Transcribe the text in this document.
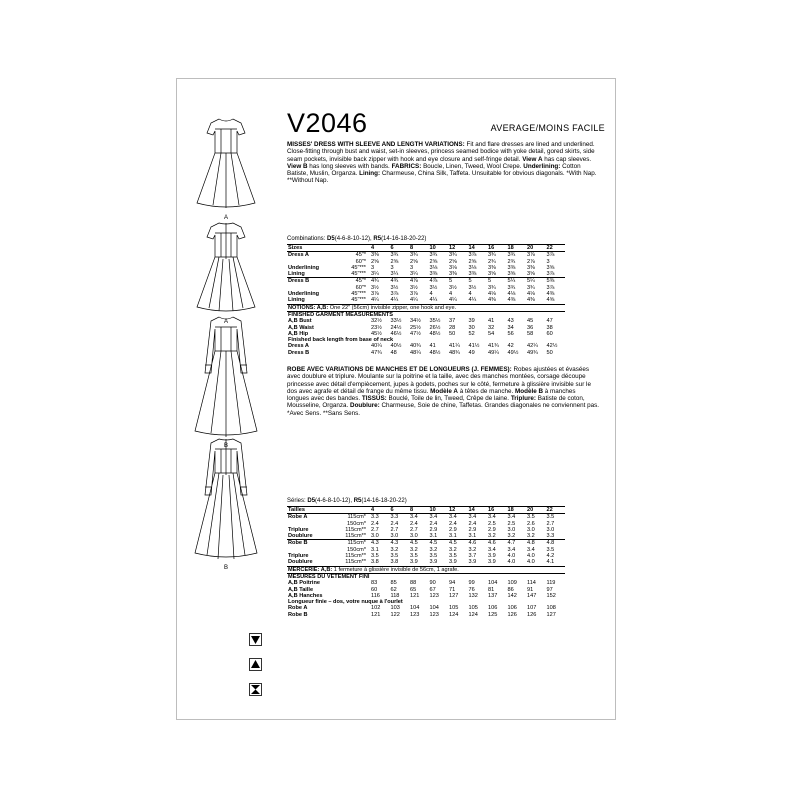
A
A
B
B

V2046	AVERAGE/MOINS FACILE
MISSES' DRESS WITH SLEEVE AND LENGTH VARIATIONS: Fit and flare dresses are lined and underlined. Close-fitting through bust and waist, set-in sleeves, princess seamed bodice with yoke detail, gored skirts, side seam pockets, invisible back zipper with hook and eye closure and self-fringe detail. View A has cap sleeves. View B has long sleeves with bands. FABRICS: Boucle, Linen, Tweed, Wool Crepe. Underlining: Cotton Batiste, Muslin, Organza. Lining: Charmeuse, China Silk, Taffeta. Unsuitable for obvious diagonals. *With Nap. **Without Nap.
Combinations: D5(4-6-8-10-12), R5(14-16-18-20-22)
Sizes		4	6	8	10	12	14	16	18	20	22
Dress A	45"*	3⅜	3¾	3¾	3¾	3¾	3⅞	3¾	3¾	3⅞	3⅞
	60"*	2⅝	2⅝	2⅝	2⅝	2⅝	2⅝	2¾	2¾	2⅞	3
Underlining	45"***	3	3	3	3⅛	3⅛	3⅛	3⅜	3⅜	3⅜	3⅝
Lining	45"***	3¼	3¼	3¼	3⅜	3⅜	3⅜	3⅝	3⅝	3⅝	3⅞
Dress B	45"*	4¾	4¾	4⅞	4⅞	5	5	5	5¼	5¼	5⅜
	60"*	3½	3½	3½	3½	3½	3½	3¾	3¾	3¾	3⅞
Underlining	45"***	3⅞	3⅞	3⅞	4	4	4	4⅛	4⅛	4⅛	4⅜
Lining	45"***	4¼	4¼	4¼	4¼	4¼	4¼	4⅜	4⅜	4⅜	4⅝
NOTIONS: A,B: One 22" (56cm) invisible zipper, one hook and eye.											
FINISHED GARMENT MEASUREMENTS											
A,B Bust		32½	33½	34½	35½	37	39	41	43	45	47
A,B Waist		23½	24½	25½	26½	28	30	32	34	36	38
A,B Hip		45½	46½	47½	48½	50	52	54	56	58	60
Finished back length from base of neck											
Dress A		40¼	40½	40¾	41	41¼	41½	41¾	42	42¼	42½
Dress B		47¾	48	48¼	48½	48¾	49	49¼	49½	49¾	50
Tailles		4	6	8	10	12	14	16	18	20	22
Robe A	115cm*	3.3	3.3	3.4	3.4	3.4	3.4	3.4	3.4	3.5	3.5
	150cm*	2.4	2.4	2.4	2.4	2.4	2.4	2.5	2.5	2.6	2.7
Triplure	115cm**	2.7	2.7	2.7	2.9	2.9	2.9	2.9	3.0	3.0	3.0
Doublure	115cm**	3.0	3.0	3.0	3.1	3.1	3.1	3.2	3.2	3.2	3.3
Robe B	115cm*	4.3	4.3	4.5	4.5	4.5	4.6	4.6	4.7	4.8	4.8
	150cm*	3.1	3.2	3.2	3.2	3.2	3.2	3.4	3.4	3.4	3.5
Triplure	115cm**	3.5	3.5	3.5	3.5	3.5	3.7	3.9	4.0	4.0	4.2
Doublure	115cm**	3.8	3.8	3.9	3.9	3.9	3.9	3.9	4.0	4.0	4.1
MERCERIE: A,B: 1 fermeture à glissière invisible de 56cm, 1 agrafe.											
MESURES DU VÊTEMENT FINI											
A,B Poitrine		83	85	88	90	94	99	104	109	114	119
A,B Taille		60	62	65	67	71	76	81	86	91	97
A,B Hanches		116	118	121	123	127	132	137	142	147	152
Longueur finie – dos, votre nuque à l'ourlet											
Robe A		102	103	104	104	105	105	106	106	107	108
Robe B		121	122	123	123	124	124	125	126	126	127
ROBE AVEC VARIATIONS DE MANCHES ET DE LONGUEURS (J. FEMMES): Robes ajustées et évasées avec doublure et triplure. Moulante sur la poitrine et la taille, avec des manches montées, corsage découpe princesse avec détail d'empiècement, jupes à godets, poches sur le côté, fermeture à glissière invisible sur le dos avec agrafe et détail de frange du même tissu. Modèle A à têtes de manche. Modèle B à manches longues avec des bandes. TISSUS: Bouclé, Toile de lin, Tweed, Crêpe de laine. Triplure: Batiste de coton, Mousseline, Organza. Doublure: Charmeuse, Soie de chine, Taffetas. Grandes diagonales ne conviennent pas. *Avec Sens. **Sans Sens.
Séries: D5(4-6-8-10-12), R5(14-16-18-20-22)
